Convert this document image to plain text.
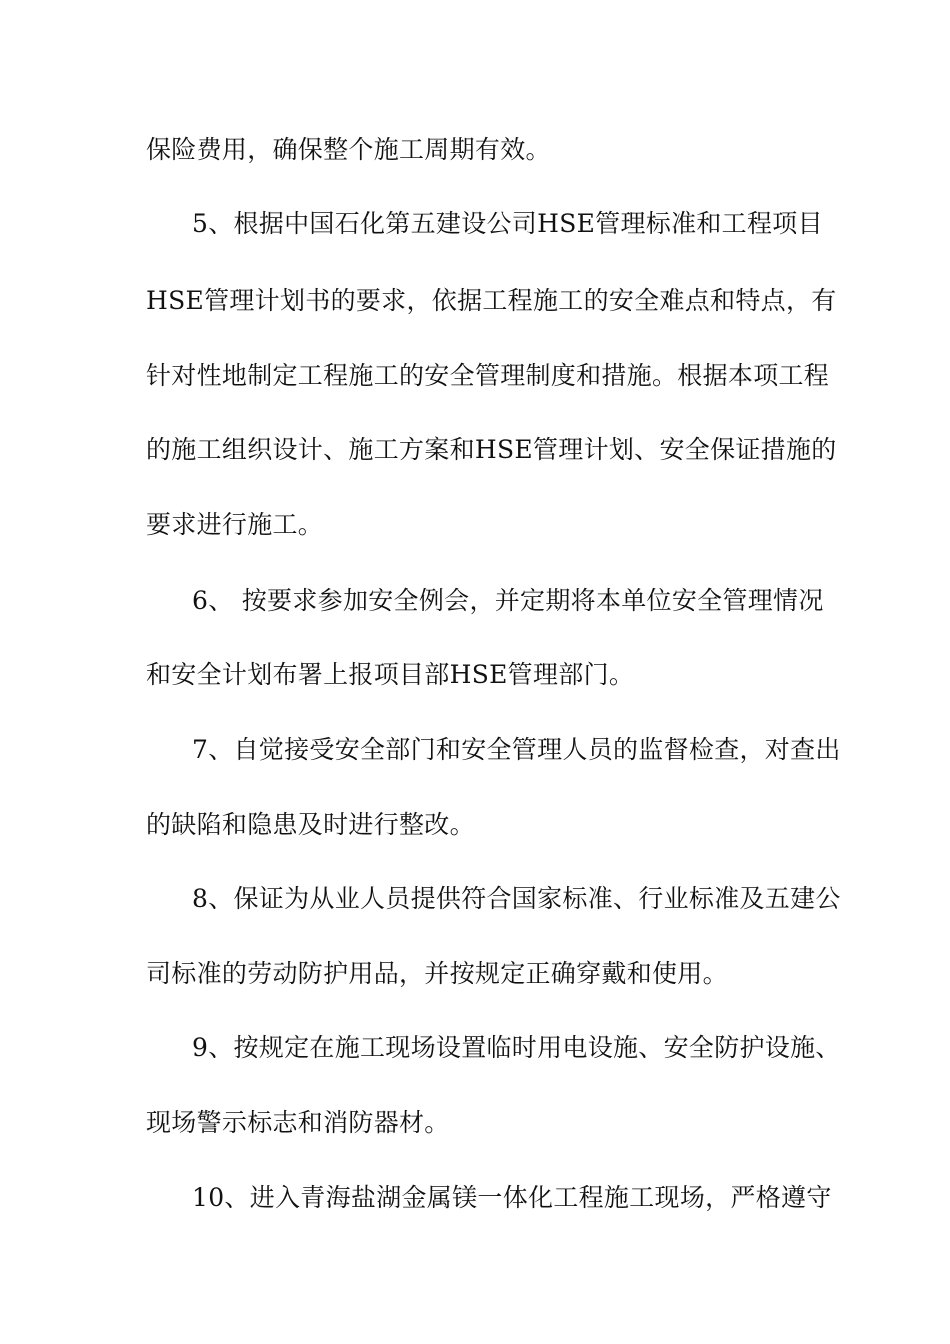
保险费用，确保整个施工周期有效。
5、根据中国石化第五建设公司HSE管理标准和工程项目
HSE管理计划书的要求，依据工程施工的安全难点和特点，有
针对性地制定工程施工的安全管理制度和措施。根据本项工程
的施工组织设计、施工方案和HSE管理计划、安全保证措施的
要求进行施工。
6、 按要求参加安全例会，并定期将本单位安全管理情况
和安全计划布署上报项目部HSE管理部门。
7、自觉接受安全部门和安全管理人员的监督检查，对查出
的缺陷和隐患及时进行整改。
8、保证为从业人员提供符合国家标准、行业标准及五建公
司标准的劳动防护用品，并按规定正确穿戴和使用。
9、按规定在施工现场设置临时用电设施、安全防护设施、
现场警示标志和消防器材。
10、进入青海盐湖金属镁一体化工程施工现场，严格遵守
